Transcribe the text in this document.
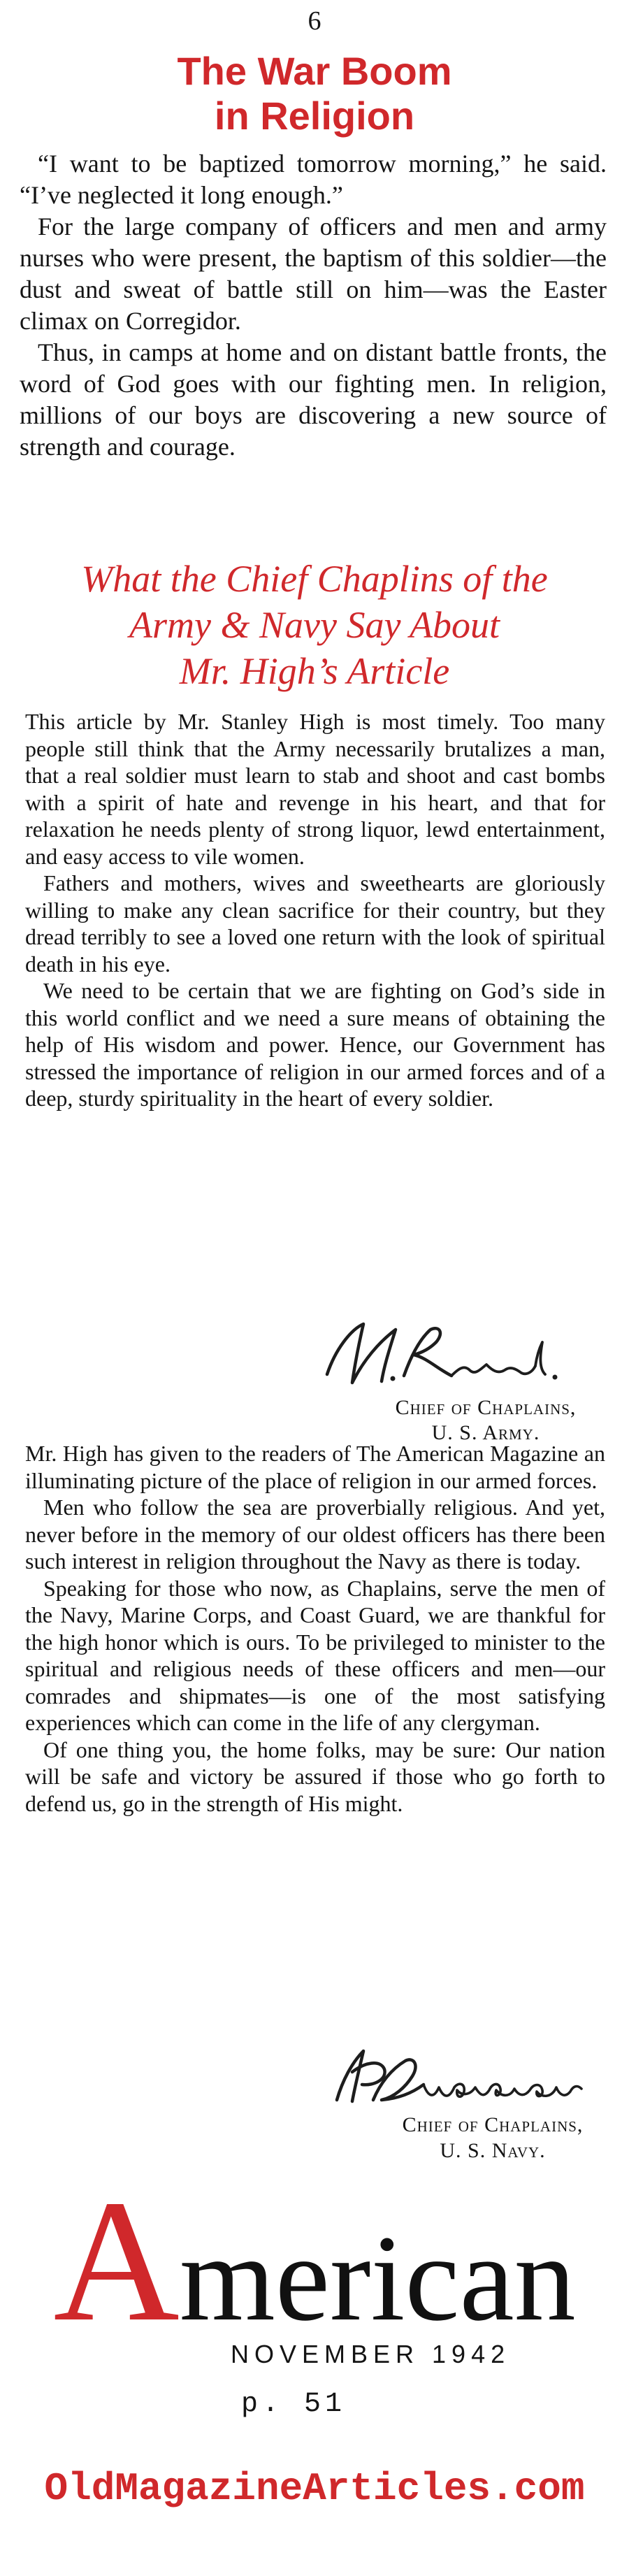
6
The War Boom
in Religion

“I want to be baptized tomorrow morning,” he said. “I’ve neglected it long enough.”

For the large company of officers and men and army nurses who were present, the baptism of this soldier—the dust and sweat of battle still on him—was the Easter climax on Corregidor.

Thus, in camps at home and on distant battle fronts, the word of God goes with our fighting men. In religion, millions of our boys are discovering a new source of strength and courage.

What the Chief Chaplins of the
Army & Navy Say About
Mr. High’s Article

This article by Mr. Stanley High is most timely. Too many people still think that the Army necessarily brutalizes a man, that a real soldier must learn to stab and shoot and cast bombs with a spirit of hate and revenge in his heart, and that for relaxation he needs plenty of strong liquor, lewd entertainment, and easy access to vile women.

Fathers and mothers, wives and sweethearts are gloriously willing to make any clean sacrifice for their country, but they dread terribly to see a loved one return with the look of spiritual death in his eye.

We need to be certain that we are fighting on God’s side in this world conflict and we need a sure means of obtaining the help of His wisdom and power. Hence, our Government has stressed the importance of religion in our armed forces and of a deep, sturdy spirituality in the heart of every soldier.

Chief of Chaplains,
U. S. Army.

Mr. High has given to the readers of The American Magazine an illuminating picture of the place of religion in our armed forces.

Men who follow the sea are proverbially religious. And yet, never before in the memory of our oldest officers has there been such interest in religion throughout the Navy as there is today.

Speaking for those who now, as Chaplains, serve the men of the Navy, Marine Corps, and Coast Guard, we are thankful for the high honor which is ours. To be privileged to minister to the spiritual and religious needs of these officers and men—our comrades and shipmates—is one of the most satisfying experiences which can come in the life of any clergyman.

Of one thing you, the home folks, may be sure: Our nation will be safe and victory be assured if those who go forth to defend us, go in the strength of His might.

Chief of Chaplains,
U. S. Navy.
American
NOVEMBER 1942
p. 51
OldMagazineArticles.com
